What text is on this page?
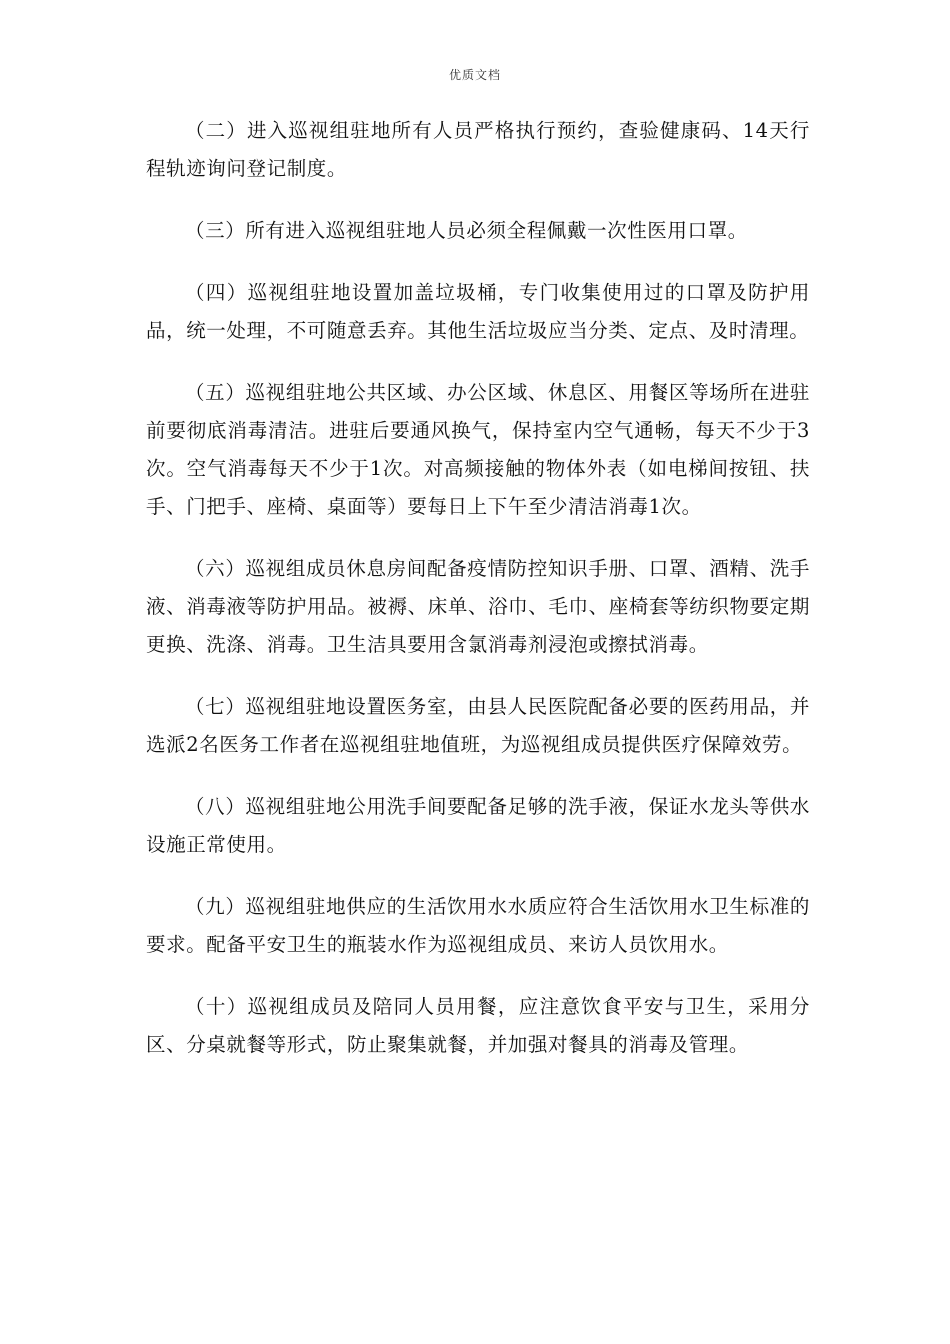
优质文档

（二）进入巡视组驻地所有人员严格执行预约，查验健康码、14天行程轨迹询问登记制度。

（三）所有进入巡视组驻地人员必须全程佩戴一次性医用口罩。

（四）巡视组驻地设置加盖垃圾桶，专门收集使用过的口罩及防护用品，统一处理，不可随意丢弃。其他生活垃圾应当分类、定点、及时清理。

（五）巡视组驻地公共区域、办公区域、休息区、用餐区等场所在进驻前要彻底消毒清洁。进驻后要通风换气，保持室内空气通畅，每天不少于3次。空气消毒每天不少于1次。对高频接触的物体外表（如电梯间按钮、扶手、门把手、座椅、桌面等）要每日上下午至少清洁消毒1次。

（六）巡视组成员休息房间配备疫情防控知识手册、口罩、酒精、洗手液、消毒液等防护用品。被褥、床单、浴巾、毛巾、座椅套等纺织物要定期更换、洗涤、消毒。卫生洁具要用含氯消毒剂浸泡或擦拭消毒。

（七）巡视组驻地设置医务室，由县人民医院配备必要的医药用品，并选派2名医务工作者在巡视组驻地值班，为巡视组成员提供医疗保障效劳。

（八）巡视组驻地公用洗手间要配备足够的洗手液，保证水龙头等供水设施正常使用。

（九）巡视组驻地供应的生活饮用水水质应符合生活饮用水卫生标准的要求。配备平安卫生的瓶装水作为巡视组成员、来访人员饮用水。

（十）巡视组成员及陪同人员用餐，应注意饮食平安与卫生，采用分区、分桌就餐等形式，防止聚集就餐，并加强对餐具的消毒及管理。
